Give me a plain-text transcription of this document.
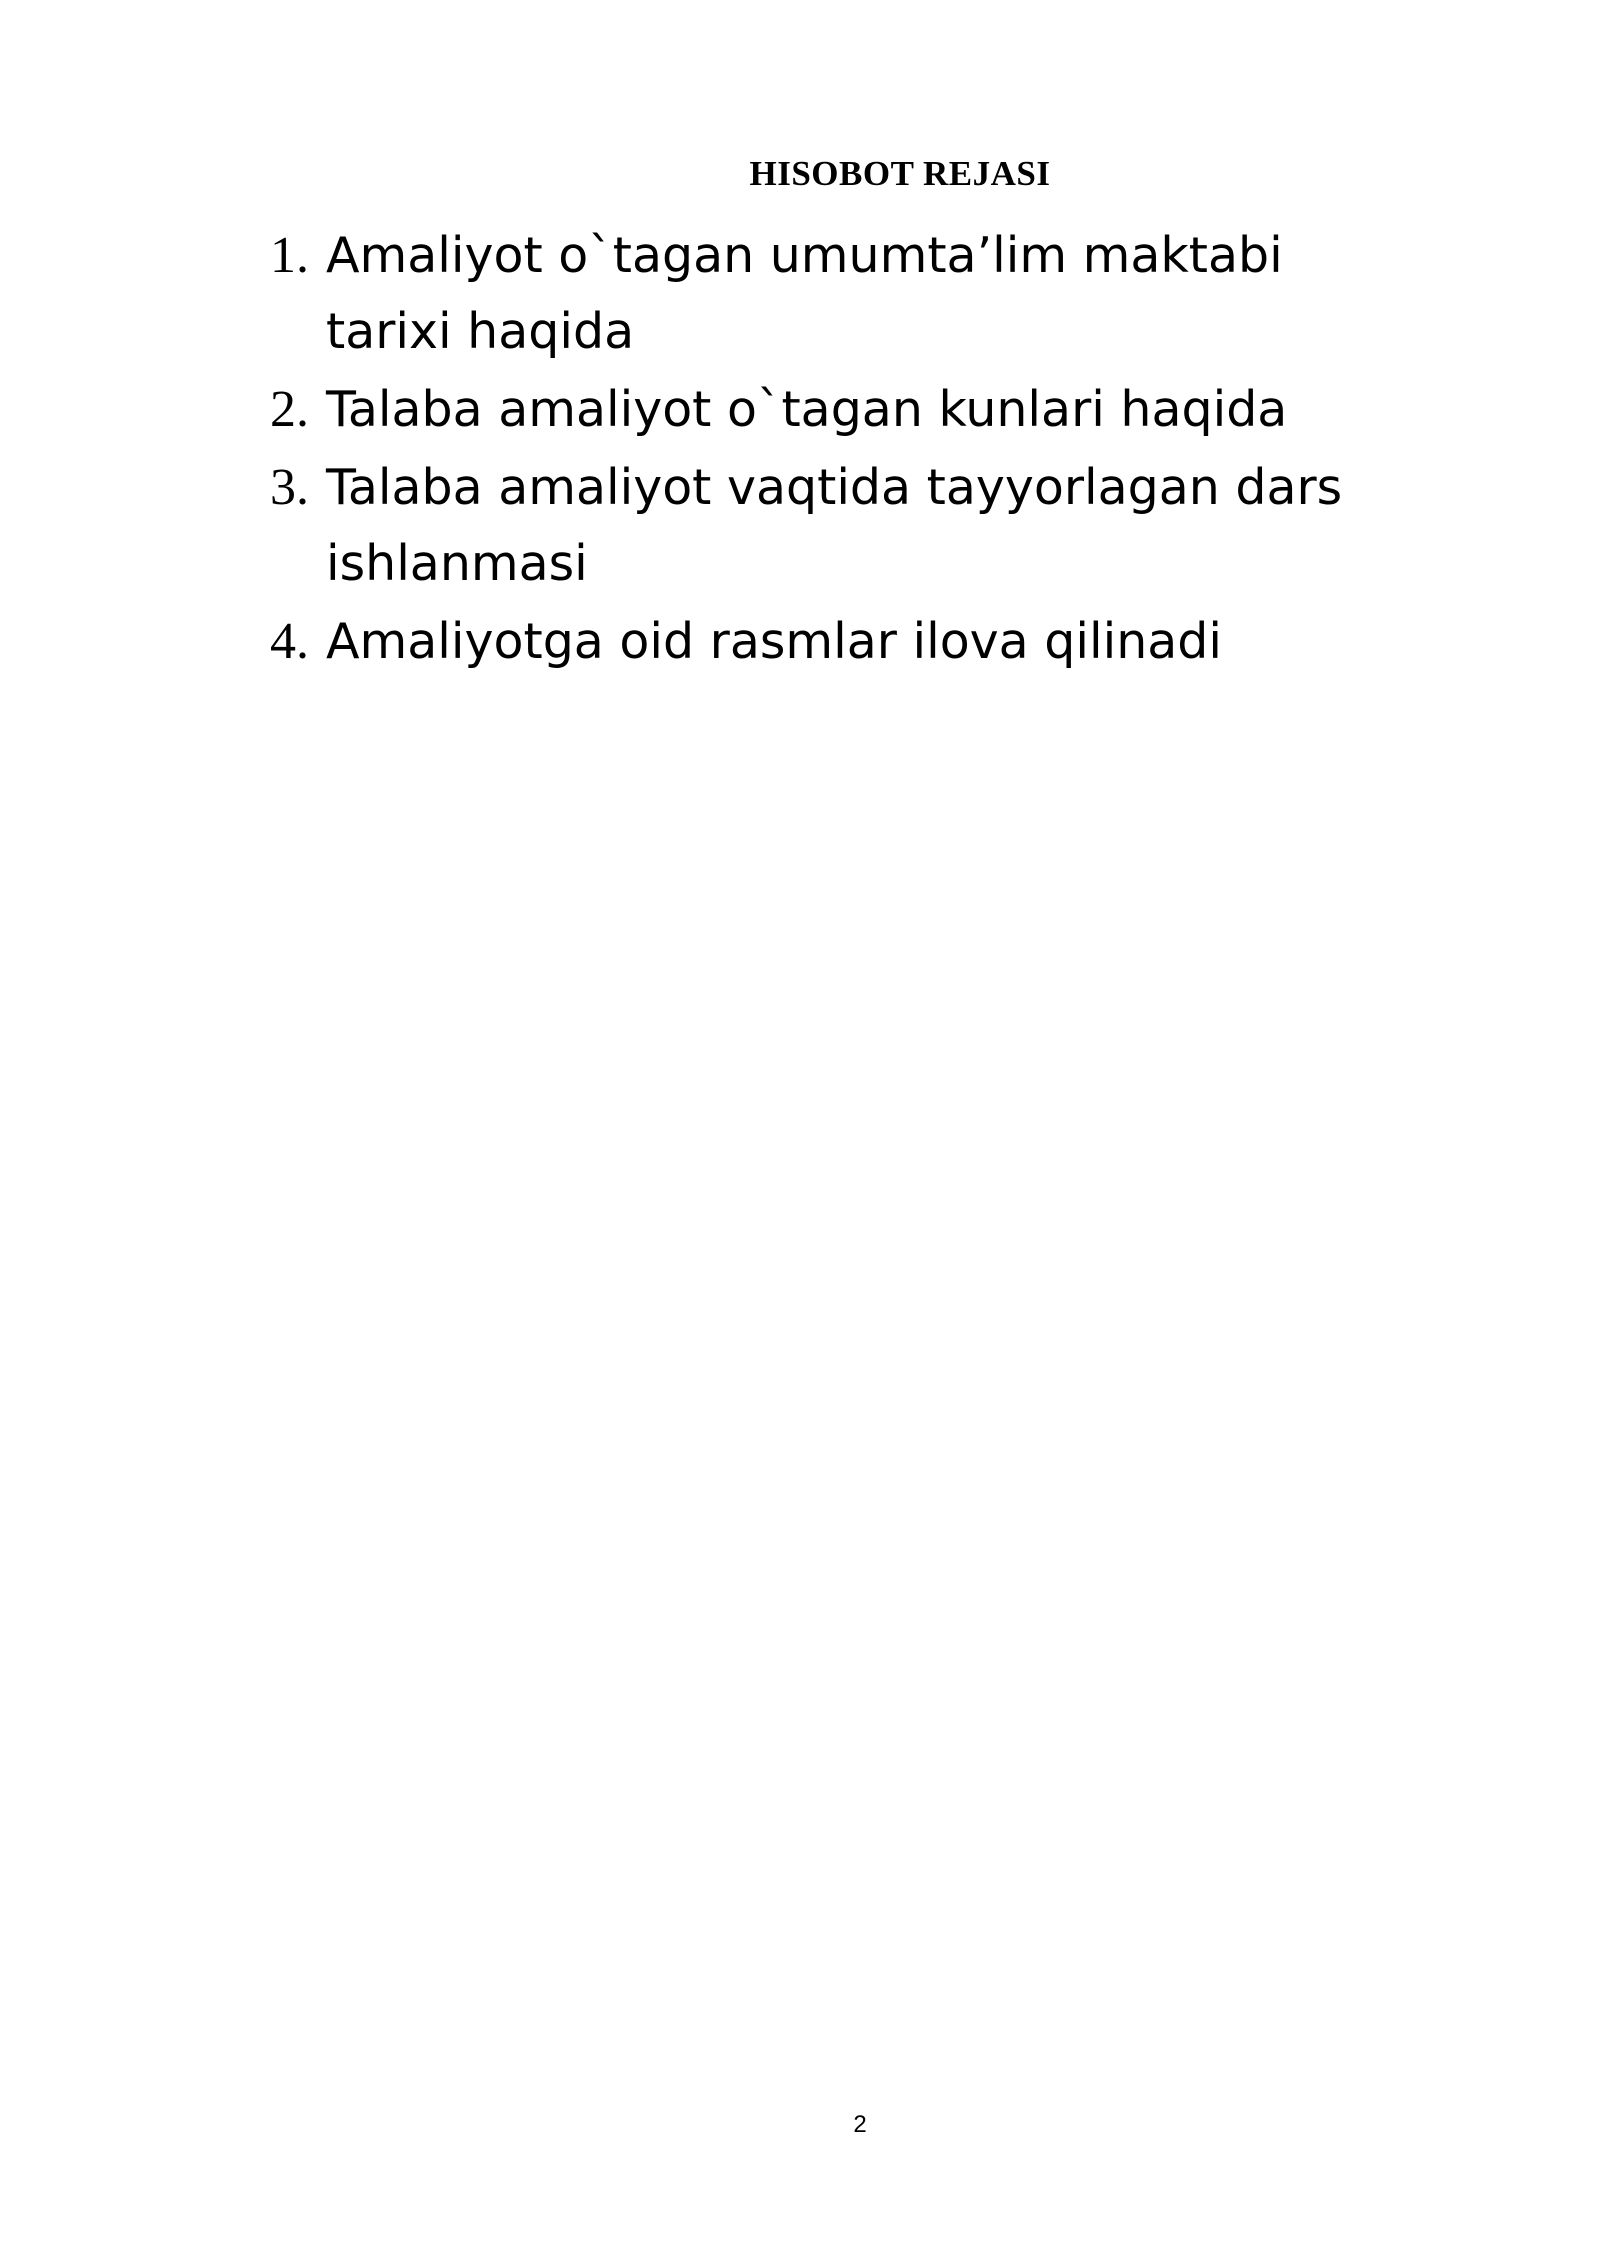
HISOBOT REJASI
1. Amaliyot o`tagan umumta’lim maktabi tarixi haqida
2. Talaba amaliyot o`tagan kunlari haqida
3. Talaba amaliyot vaqtida tayyorlagan dars ishlanmasi
4. Amaliyotga oid rasmlar ilova qilinadi
2
